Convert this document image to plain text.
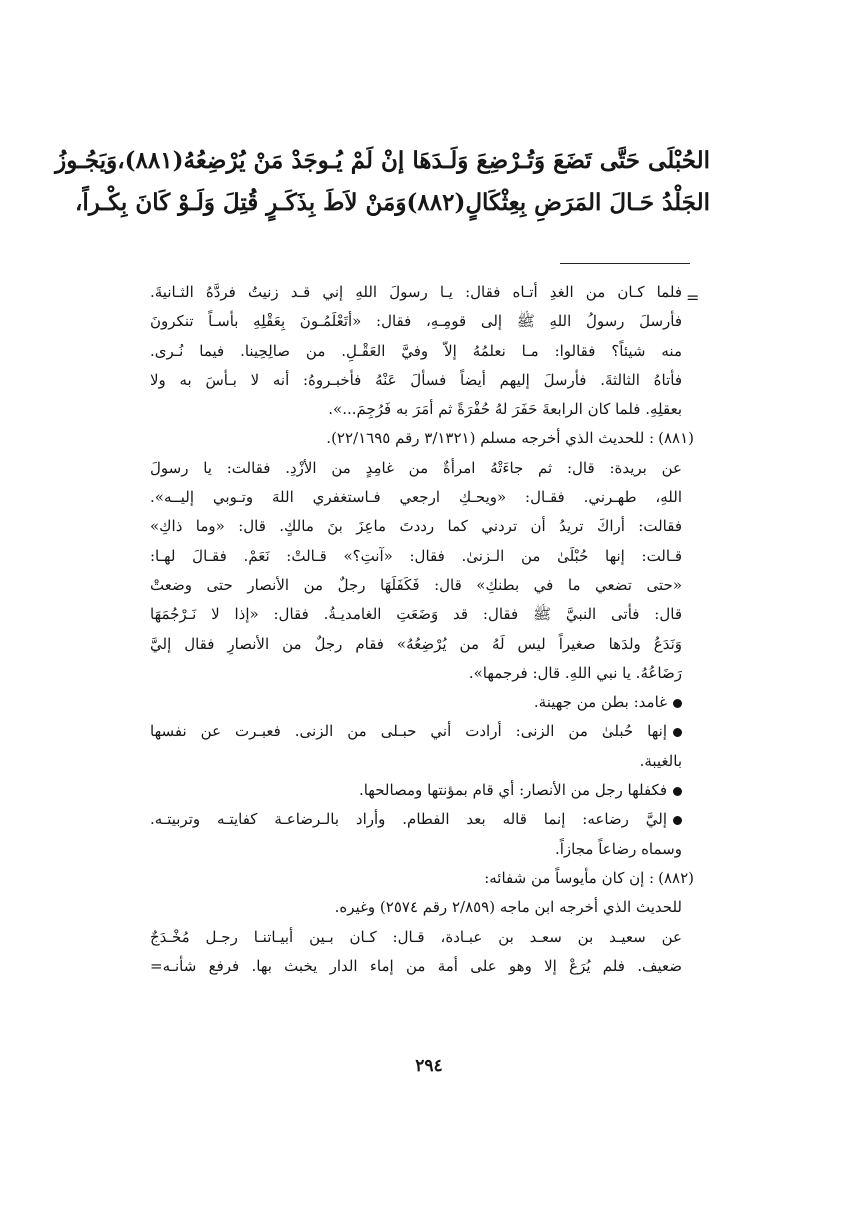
الحُبْلَى حَتَّى تَضَعَ وَتُـرْضِعَ وَلَـدَهَا إنْ لَمْ يُـوجَدْ مَنْ يُرْضِعُهُ(٨٨١)،وَيَجُـوزُ
الجَلْدُ حَـالَ المَرَضِ بِعِثْكَالٍ(٨٨٢)وَمَنْ لاَطَ بِذَكَـرٍ قُتِلَ وَلَـوْ كَانَ بِكْـراً،
=
فلما كـان من الغدِ أتـاه فقال: يـا رسولَ اللهِ إني قـد زنيتُ فردَّهُ الثـانيةَ.
فأرسلَ رسولُ اللهِ ﷺ إلى قومِـهِ، فقال: «أتَعْلَمُـونَ بِعَقْلِهِ بأسـاً تنكرونَ
منه شيئاً؟ فقالوا: مـا نعلمُهُ إلاّ وفيَّ العَقْـلِ. من صالِحِينا. فيما نُـرى.
فأتاهُ الثالثةَ. فأرسلَ إليهم أيضاً فسألَ عَنْهُ فأخبـروهُ: أنه لا بـأسَ به ولا
بعقلِهِ. فلما كان الرابعةَ حَفَرَ لهُ حُفْرَةً ثم أمَرَ به فَرُجِمَ...».
(٨٨١): للحديث الذي أخرجه مسلم (٣/١٣٢١ رقم ٢٢/١٦٩٥).
عن بريدة: قال: ثم جاءَتْهُ امرأةٌ من غامِدٍ من الأزْدِ. فقالت: يا رسولَ
اللهِ، طهـرني. فقـال: «ويحـكِ ارجعي فـاستغفري اللهَ وتـوبي إليــه».
فقالت: أراكَ تريدُ أن تردني كما رددتَ ماعِزَ بنَ مالكٍ. قال: «وما ذاكِ»
قـالت: إنها حُبْلَىٰ من الـزنىٰ. فقال: «آنتِ؟» قـالتْ: نَعَمْ. فقـالَ لهـا:
«حتى تضعي ما في بطنكِ» قال: فَكَفَلَهَا رجلٌ من الأنصار حتى وضعتْ
قال: فأتى النبيَّ ﷺ فقال: قد وَضَعَتِ الغامديـةُ. فقال: «إذا لا نَـرْجُمَهَا
وَنَدَعُ ولدَها صغيراً ليس لَهُ من يُرْضِعُهُ» فقام رجلٌ من الأنصارِ فقال إليَّ
رَضَاعُهُ. يا نبي اللهِ. قال: فرجمها».
غامد: بطن من جهينة.
إنها حُبلىٰ من الزنى: أرادت أني حبـلى من الزنى. فعبـرت عن نفسها
بالغيبة.
فكفلها رجل من الأنصار: أي قام بمؤنتها ومصالحها.
إليَّ رضاعه: إنما قاله بعد الفطام. وأراد بالـرضاعـة كفايتـه وتربيتـه.
وسماه رضاعاً مجازاً.
(٨٨٢): إن كان مأيوساً من شفائه:
للحديث الذي أخرجه ابن ماجه (٢/٨٥٩ رقم ٢٥٧٤) وغيره.
عن سعيـد بن سعـد بن عبـادة، قـال: كـان بـين أبيـاتنـا رجـل مُخْـدَجٌ
ضعيف. فلم يُرَعْ إلا وهو على أمة من إماء الدار يخبث بها. فرفع شأنـه=
٢٩٤
